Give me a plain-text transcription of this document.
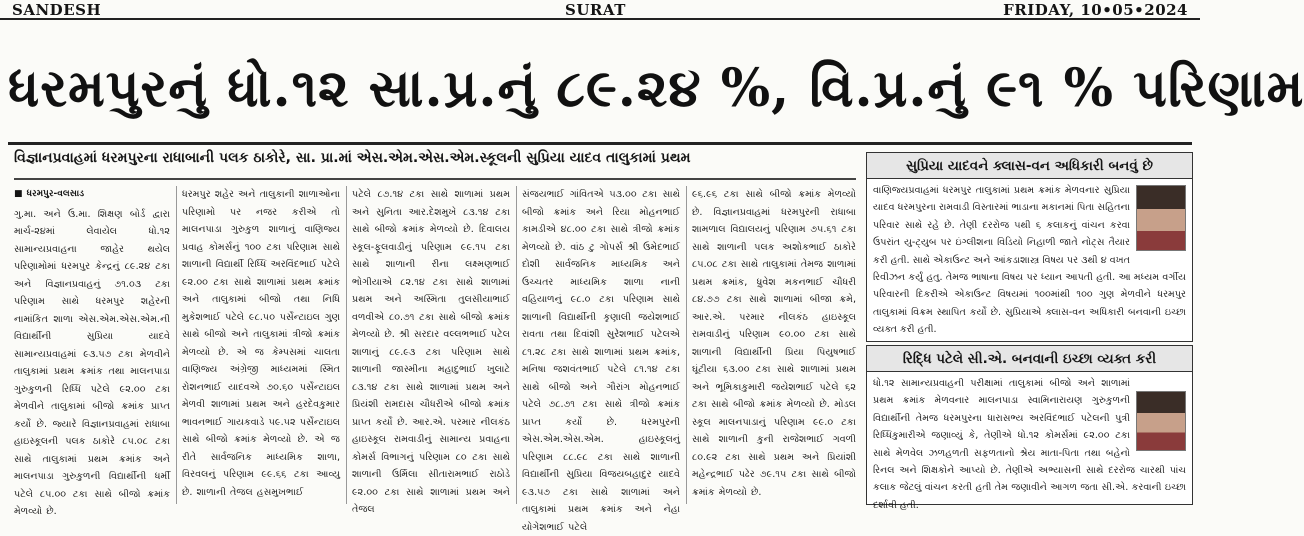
SANDESH	SURAT	FRIDAY, 10•05•2024
ધરમપુરનું ધો.૧૨ સા.પ્ર.નું ૮૯.૨૪ %, વિ.પ્ર.નું ૯૧ % પરિણામ
વિજ્ઞાનપ્રવાહમાં ધરમપુરના રાધાબાની પલક ઠાકોરે, સા. પ્રા.માં એસ.એમ.એસ.એમ.સ્કૂલની સુપ્રિયા યાદવ તાલુકામાં પ્રથમ
■ ધરમપુર-વલસાડ
ગુ.મા. અને ઉ.મા. શિક્ષણ બોર્ડ દ્વારા માર્ચ-૨૪માં લેવાયેલ ધો.૧૨ સામાન્યપ્રવાહના જાહેર થયેલ પરિણામોમાં ધરમપુર કેન્દ્રનું ૮૯.૨૪ ટકા અને વિજ્ઞાનપ્રવાહનું ૭૧.૦૩ ટકા પરિણામ સાથે ધરમપુર શહેરની નામાંકિત શાળા એસ.એમ.એસ.એમ.ની વિદ્યાર્થીની સુપ્રિયા યાદવે સામાન્યપ્રવાહમાં ૯૩.૫૭ ટકા મેળવીને તાલુકામાં પ્રથમ ક્રમાંક તથા માલનપાડા ગુરુકુળની રિધ્ધિ પટેલે ૯૨.૦૦ ટકા મેળવીને તાલુકામાં બીજો ક્રમાંક પ્રાપ્ત કર્યો છે. જ્યારે વિજ્ઞાનપ્રવાહમાં રાધાબા હાઇસ્કૂલની પલક ઠાકોરે ૮૫.૦૮ ટકા સાથે તાલુકામાં પ્રથમ ક્રમાંક અને માલનપાડા ગુરુકુળની વિદ્યાર્થીની ધર્મી પટેલે ૮૫.૦૦ ટકા સાથે બીજો ક્રમાંક મેળવ્યો છે.
ધરમપુર શહેર અને તાલુકાની શાળાઓના પરિણામો પર નજર કરીએ તો માલનપાડા ગુરુકુળ શાળાનું વાણિજ્ય પ્રવાહ કોમર્સનું ૧૦૦ ટકા પરિણામ સાથે શાળાની વિદ્યાર્થી રિધ્ધિ અરવિંદભાઈ પટેલે ૯૨.૦૦ ટકા સાથે શાળામાં પ્રથમ ક્રમાંક અને તાલુકામાં બીજો તથા નિધિ મુકેશભાઈ પટેલે ૯૮.૫૦ પર્સેન્ટાઇલ ગુણ સાથે બીજો અને તાલુકામાં ત્રીજો ક્રમાંક મેળવ્યો છે. એ જ કેમ્પસમાં ચાલતા વાણિજ્ય અંગ્રેજી માધ્યમમાં સ્મિત રોશનભાઈ યાદવએ ૭૦.૬૦ પર્સેન્ટાઇલ મેળવી શાળામાં પ્રથમ અને હરદેવકુમાર ભાવનભાઈ ગાયકવાડે ૫૯.૫૨ પર્સેન્ટાઇલ સાથે બીજો ક્રમાંક મેળવ્યો છે. એ જ રીતે સાર્વજનિક માધ્યમિક શાળા, વિરવલનું પરિણામ ૯૯.૬૬ ટકા આવ્યુ છે. શાળાની તેજલ હસમુખભાઈ
પટેલે ૮૭.૧૪ ટકા સાથે શાળામાં પ્રથમ અને સુનિતા આર.દેશમુખે ૮૩.૧૪ ટકા સાથે બીજો ક્રમાંક મેળવ્યો છે. દિવાલય સ્કૂલ-ફૂલવાડીનું પરિણામ ૯૯.૧૫ ટકા સાથે શાળાની રીના લક્ષ્મણભાઈ ભોગીયાએ ૮૨.૧૪ ટકા સાથે શાળામાં પ્રથમ અને અસ્મિતા તુલસીયાભાઈ વળવીએ ૮૦.૭૧ ટકા સાથે બીજો ક્રમાંક મેળવ્યો છે. શ્રી સરદાર વલ્લભભાઈ પટેલ શાળાનું ૮૯.૯૩ ટકા પરિણામ સાથે શાળાની જાસ્મીના મહાદુભાઈ ખુલાટે ૮૩.૧૪ ટકા સાથે શાળામાં પ્રથમ અને પ્રિયંશી રામદાસ ચૌધરીએ બીજો ક્રમાંક પ્રાપ્ત કર્યો છે. આર.એ. પરમાર નીલકંઠ હાઇસ્કૂલ રામવાડીનું સામાન્ય પ્રવાહના કોમર્સ વિભાગનું પરિણામ ૮૦ ટકા સાથે શાળાની ઉર્મિલા સીતારામભાઈ રાઠોડે ૯૨.૦૦ ટકા સાથે શાળામાં પ્રથમ અને તેજલ
સંજયભાઈ ગાંવિતએ ૫૩.૦૦ ટકા સાથે બીજો ક્રમાંક અને રિયા મોહનભાઈ કામડીએ ૪૮.૦૦ ટકા સાથે ત્રીજો ક્રમાંક મેળવ્યો છે. વાંઠ ટુ ગોપર્સ શ્રી ઉમેદભાઈ દોશી સાર્વજનિક માધ્યમિક અને ઉચ્ચતર માધ્યમિક શાળા નાની વહિયાળનું ૯૮.૦ ટકા પરિણામ સાથે શાળાની વિદ્યાર્થીની કૃણાલી જયેશભાઈ રાવતા તથા દિવાંશી સુરેશભાઈ પટેલએ ૮૧.૨૮ ટકા સાથે શાળામાં પ્રથમ ક્રમાંક, મનિષા જશવંતભાઈ પટેલે ૮૧.૧૪ ટકા સાથે બીજો અને ગૌરાંગ મોહનભાઈ પટેલે ૭૮.૭૧ ટકા સાથે ત્રીજો ક્રમાંક પ્રાપ્ત કર્યો છે. ધરમપુરની એસ.એમ.એસ.એમ. હાઇસ્કૂલનું પરિણામ ૮૮.૯૮ ટકા સાથે શાળાની વિદ્યાર્થીની સુપ્રિયા વિજયબહાદુર યાદવે ૯૩.૫૭ ટકા સાથે શાળામાં અને તાલુકામાં પ્રથમ ક્રમાંક અને નેહા યોગેશભાઈ પટેલે
૯૬.૯૬ ટકા સાથે બીજો ક્રમાંક મેળવ્યો છે. વિજ્ઞાનપ્રવાહમાં ધરમપુરની રાધાબા શામળાલ વિદ્યાલયનું પરિણામ ૭૫.૬૧ ટકા સાથે શાળાની પલક અશોકભાઈ ઠાકોરે ૮૫.૦૮ ટકા સાથે તાલુકામાં તેમજ શાળામાં પ્રથમ ક્રમાંક, ધ્રુવેશ મકનભાઈ ચૌધરી ૮૪.૭૭ ટકા સાથે શાળામાં બીજા ક્રમે, આર.એ. પરમાર નીલકંઠ હાઇસ્કૂલ રામવાડીનું પરિણામ ૯૦.૦૦ ટકા સાથે શાળાની વિદ્યાર્થીની પ્રિયા પિયુષભાઈ ઘૂંટીયા ૬૩.૦૦ ટકા સાથે શાળામાં પ્રથમ અને ભૂમિકાકુમારી જયેશભાઈ પટેલે ૬૨ ટકા સાથે બીજો ક્રમાંક મેળવ્યો છે. મોડલ સ્કૂલ માલનપાડાનું પરિણામ ૯૯.૦ ટકા સાથે શાળાની કુની રાજેશભાઈ ગવળી ૮૦.૯૨ ટકા સાથે પ્રથમ અને પ્રિયાંશી મહેન્દ્રભાઈ પઢેર ૭૯.૧૫ ટકા સાથે બીજો ક્રમાંક મેળવ્યો છે.
સુપ્રિયા યાદવને ક્લાસ-વન અધિકારી બનવું છે
વાણિજ્યપ્રવાહમાં ધરમપુર તાલુકામાં પ્રથમ ક્રમાંક મેળવનાર સુપ્રિયા યાદવ ધરમપુરના રામવાડી વિસ્તારમાં ભાડાના મકાનમાં પિતા સહિતના પરિવાર સાથે રહે છે. તેણી દરરોજ ૫થી ૬ કલાકનું વાંચન કરવા ઉપરાંત યુ-ટ્યુબ પર ઇંગ્લીશના વિડિયો નિહાળી જાતે નોટ્સ તૈયાર કરી હતી. સાથે એકાઉન્ટ અને આંકડાશાસ્ત્ર વિષય પર ૩થી ૪ વખત રિવીઝન કર્યું હતુ. તેમજ ભાષાના વિષય પર ધ્યાન આપતી હતી. આ મધ્યમ વર્ગીય પરિવારની દિકરીએ એકાઉન્ટ વિષયમાં ૧૦૦માંથી ૧૦૦ ગુણ મેળવીને ધરમપુર તાલુકામાં વિક્રમ સ્થાપિત કર્યો છે. સુપ્રિયાએ ક્લાસ-વન અધિકારી બનવાની ઇચ્છા વ્યક્ત કરી હતી.
રિદ્ધિ પટેલે સી.એ. બનવાની ઇચ્છા વ્યક્ત કરી
ધો.૧૨ સામાન્યપ્રવાહની પરીક્ષામાં તાલુકામાં બીજો અને શાળામાં પ્રથમ ક્રમાંક મેળવનાર માલનપાડા સ્વામિનારાયણ ગુરુકુળની વિદ્યાર્થીની તેમજ ધરમપુરના ધારાસભ્ય અરવિંદભાઈ પટેલની પુત્રી રિધ્ધિકુમારીએ જણાવ્યું કે, તેણીએ ધો.૧૨ કોમર્સમાં ૯૨.૦૦ ટકા સાથે મેળવેલ ઝળહળતી સફળતાનો શ્રેય માતા-પિતા તથા બહેનો રિનલ અને શિક્ષકોને આપ્યો છે. તેણીએ અભ્યાસની સાથે દરરોજ ચારથી પાંચ કલાક જેટલું વાંચન કરતી હતી તેમ જણાવીને આગળ જતા સી.એ. કરવાની ઇચ્છા દર્શાવી હતી.
